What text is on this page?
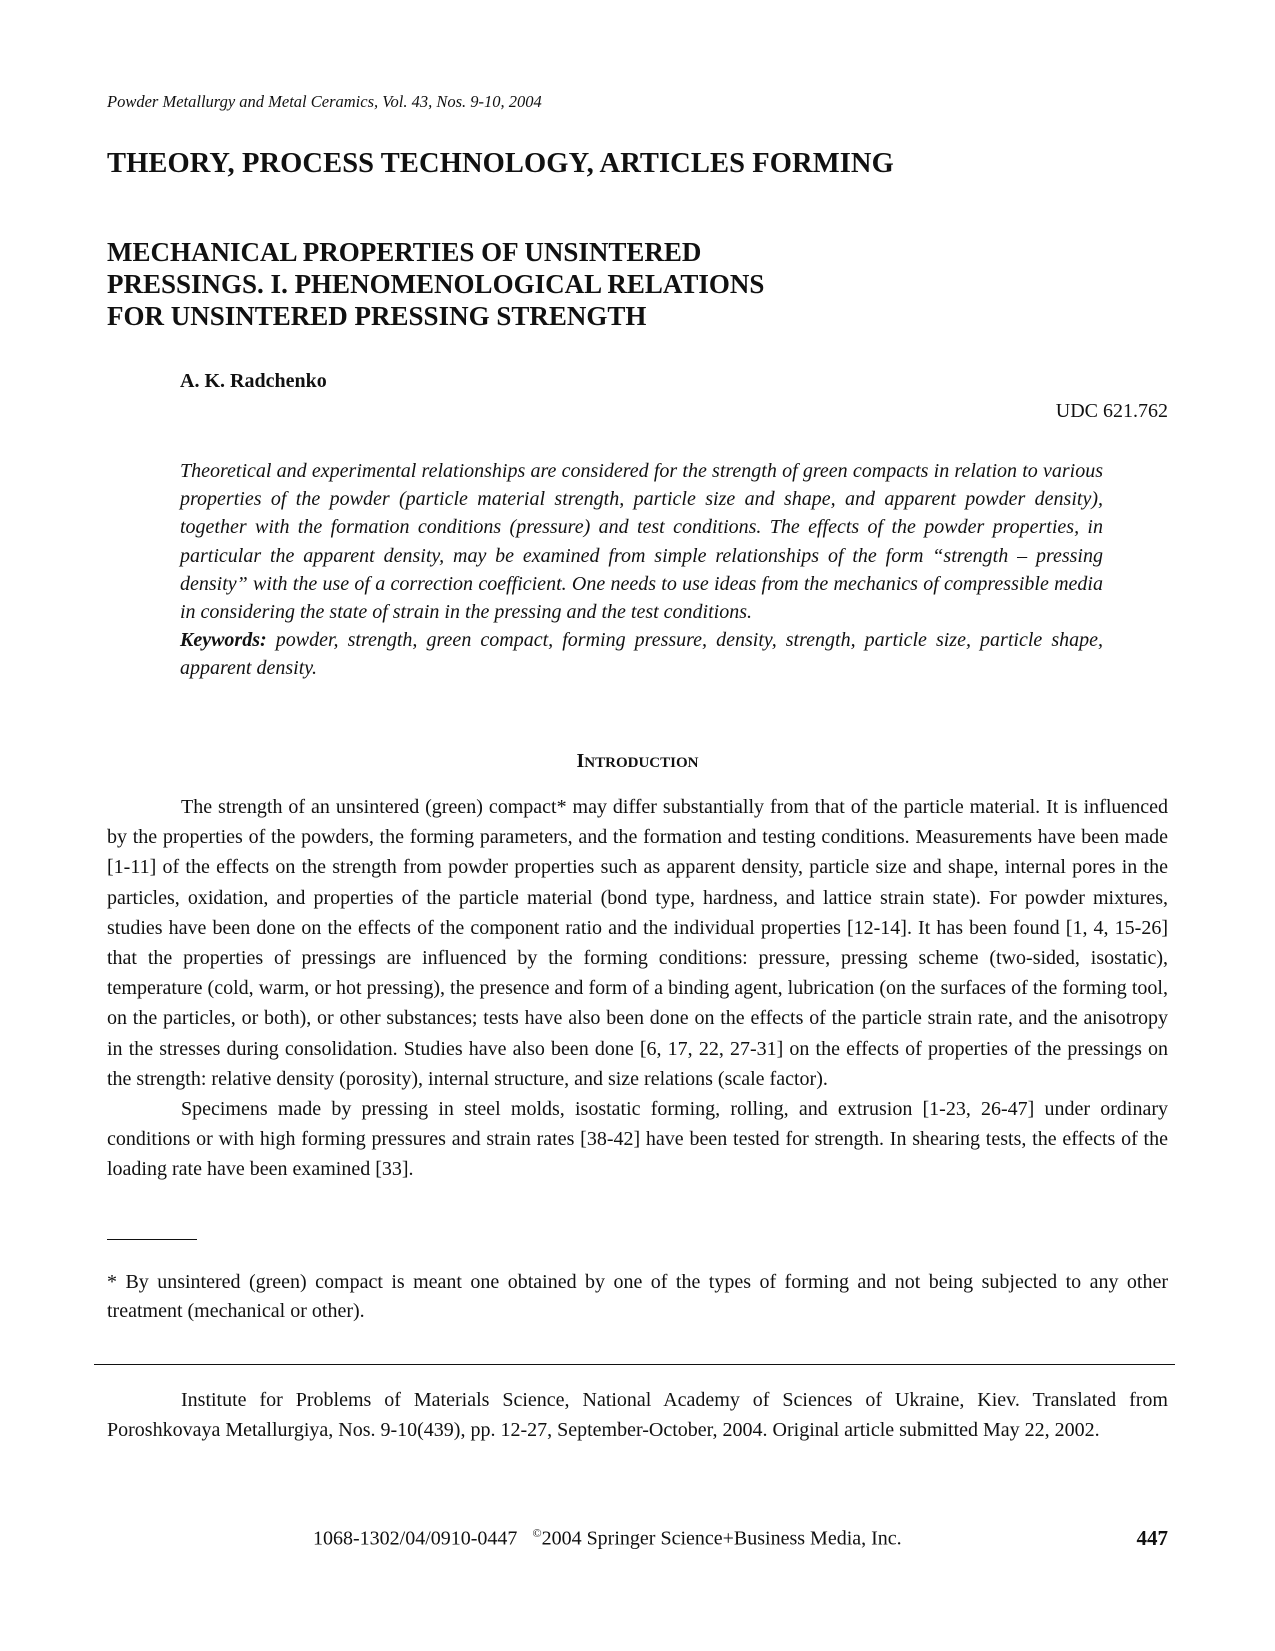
Powder Metallurgy and Metal Ceramics, Vol. 43, Nos. 9-10, 2004
THEORY, PROCESS TECHNOLOGY, ARTICLES FORMING
MECHANICAL PROPERTIES OF UNSINTERED
PRESSINGS. I. PHENOMENOLOGICAL RELATIONS
FOR UNSINTERED PRESSING STRENGTH
A. K. Radchenko
UDC 621.762

Theoretical and experimental relationships are considered for the strength of green compacts in relation to various properties of the powder (particle material strength, particle size and shape, and apparent powder density), together with the formation conditions (pressure) and test conditions. The effects of the powder properties, in particular the apparent density, may be examined from simple relationships of the form “strength – pressing density” with the use of a correction coefficient. One needs to use ideas from the mechanics of compressible media in considering the state of strain in the pressing and the test conditions.

Keywords: powder, strength, green compact, forming pressure, density, strength, particle size, particle shape, apparent density.

INTRODUCTION

The strength of an unsintered (green) compact* may differ substantially from that of the particle material. It is influenced by the properties of the powders, the forming parameters, and the formation and testing conditions. Measurements have been made [1-11] of the effects on the strength from powder properties such as apparent density, particle size and shape, internal pores in the particles, oxidation, and properties of the particle material (bond type, hardness, and lattice strain state). For powder mixtures, studies have been done on the effects of the component ratio and the individual properties [12-14]. It has been found [1, 4, 15-26] that the properties of pressings are influenced by the forming conditions: pressure, pressing scheme (two-sided, isostatic), temperature (cold, warm, or hot pressing), the presence and form of a binding agent, lubrication (on the surfaces of the forming tool, on the particles, or both), or other substances; tests have also been done on the effects of the particle strain rate, and the anisotropy in the stresses during consolidation. Studies have also been done [6, 17, 22, 27-31] on the effects of properties of the pressings on the strength: relative density (porosity), internal structure, and size relations (scale factor).

Specimens made by pressing in steel molds, isostatic forming, rolling, and extrusion [1-23, 26-47] under ordinary conditions or with high forming pressures and strain rates [38-42] have been tested for strength. In shearing tests, the effects of the loading rate have been examined [33].

* By unsintered (green) compact is meant one obtained by one of the types of forming and not being subjected to any other treatment (mechanical or other).

Institute for Problems of Materials Science, National Academy of Sciences of Ukraine, Kiev. Translated from Poroshkovaya Metallurgiya, Nos. 9-10(439), pp. 12-27, September-October, 2004. Original article submitted May 22, 2002.

1068-1302/04/0910-0447 ©2004 Springer Science+Business Media, Inc.	447
